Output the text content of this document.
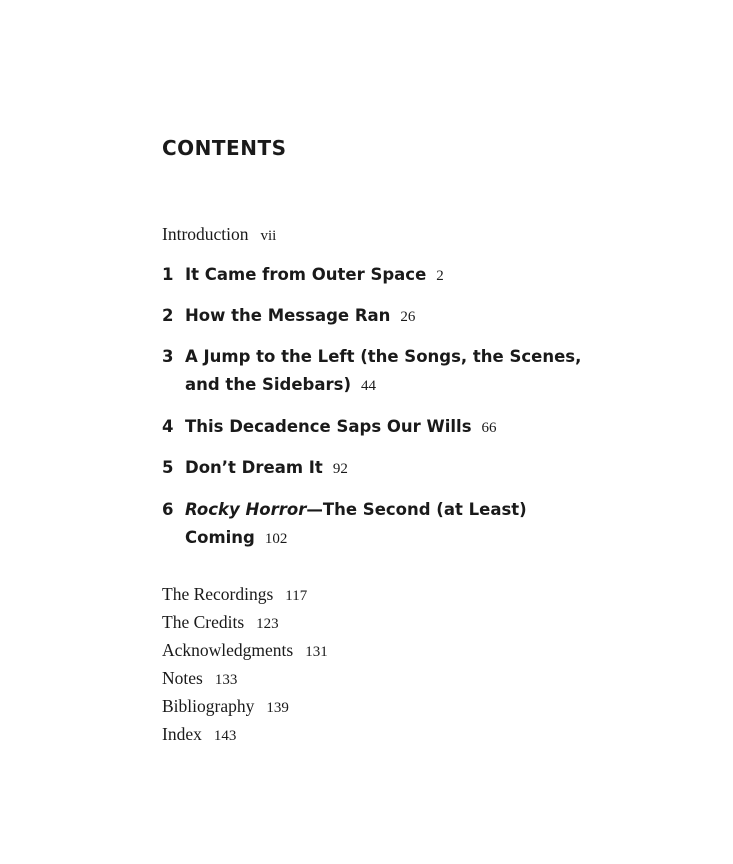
CONTENTS
Introduction vii
1 It Came from Outer Space 2
2 How the Message Ran 26
3 A Jump to the Left (the Songs, the Scenes, and the Sidebars) 44
4 This Decadence Saps Our Wills 66
5 Don’t Dream It 92
6 Rocky Horror—The Second (at Least) Coming 102
The Recordings 117
The Credits 123
Acknowledgments 131
Notes 133
Bibliography 139
Index 143
